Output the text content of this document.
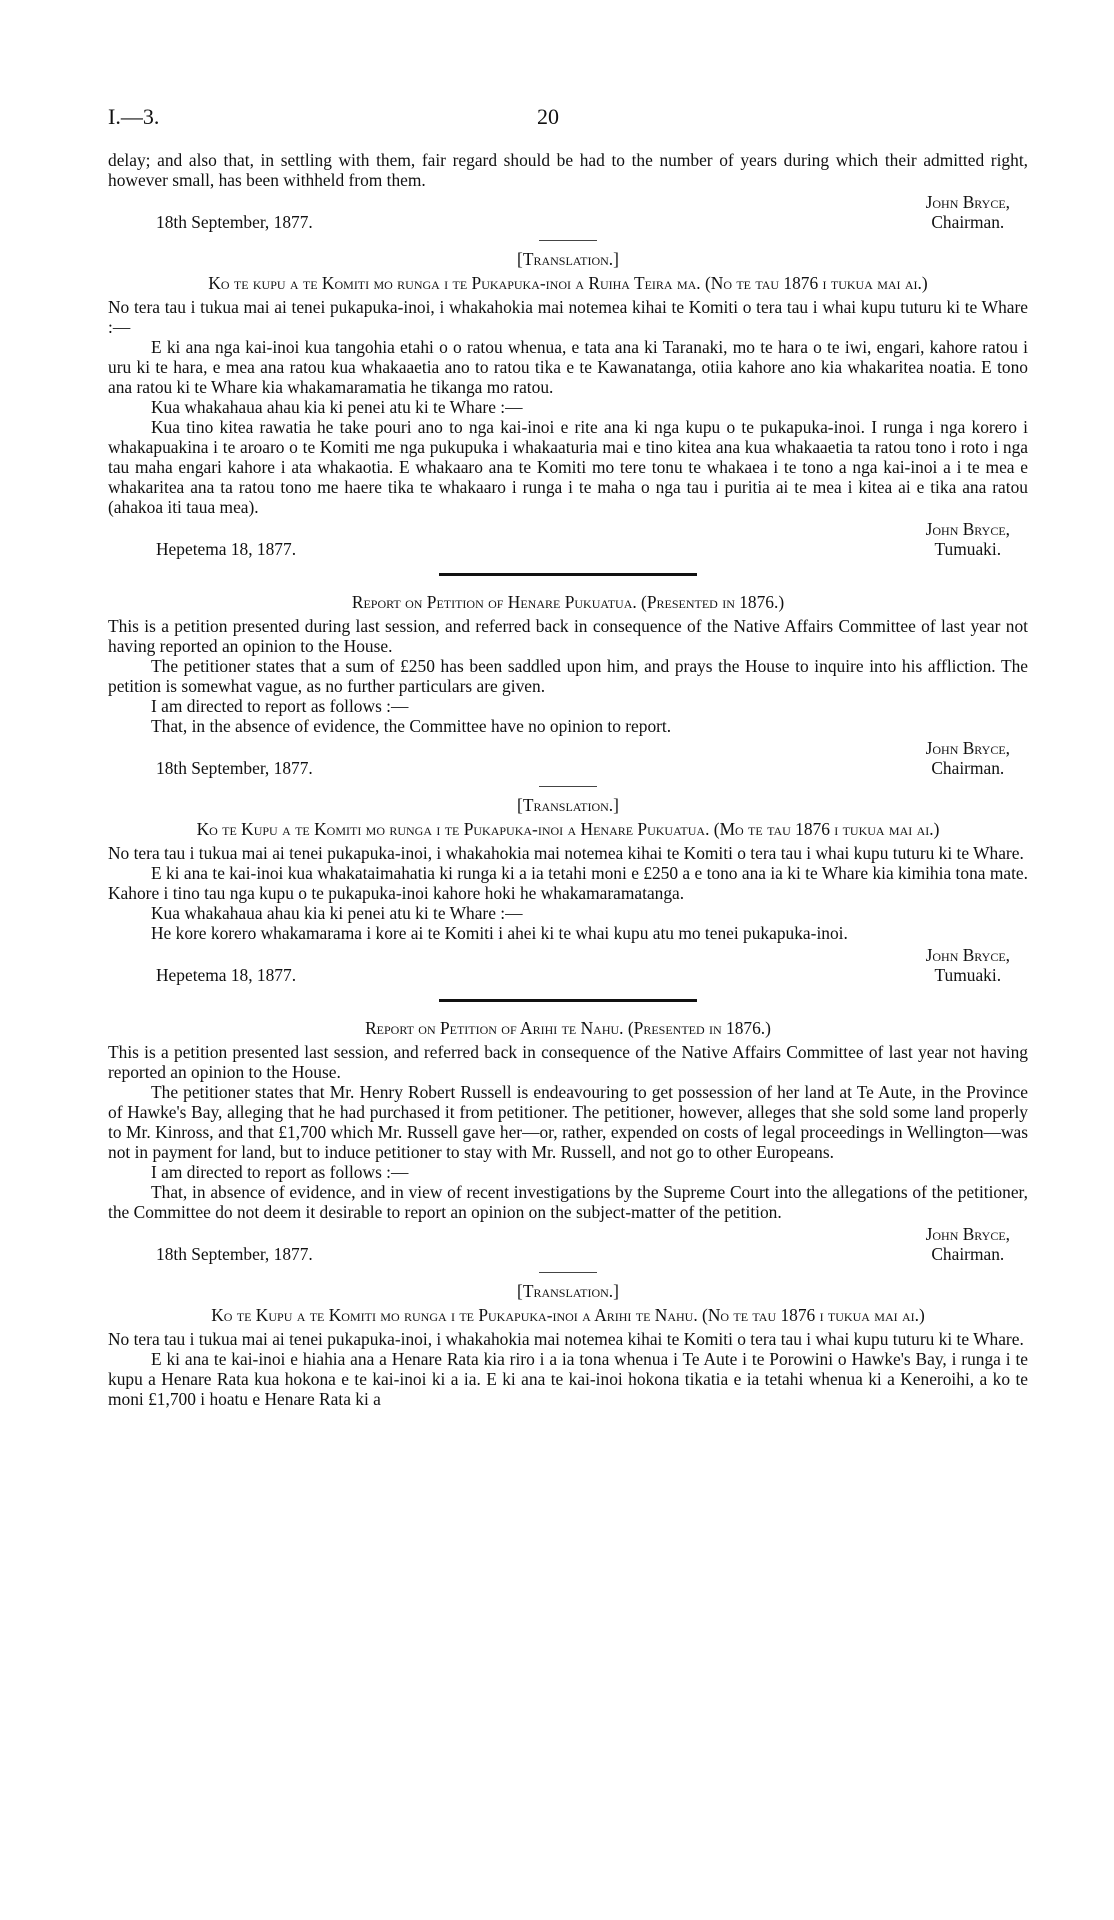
I.—3.	20

delay; and also that, in settling with them, fair regard should be had to the number of years during which their admitted right, however small, has been withheld from them.

18th September, 1877.
John Bryce,
Chairman.
[Translation.]

Ko te kupu a te Komiti mo runga i te Pukapuka-inoi a Ruiha Teira ma. (No te tau 1876 i tukua mai ai.)

No tera tau i tukua mai ai tenei pukapuka-inoi, i whakahokia mai notemea kihai te Komiti o tera tau i whai kupu tuturu ki te Whare :—

E ki ana nga kai-inoi kua tangohia etahi o o ratou whenua, e tata ana ki Taranaki, mo te hara o te iwi, engari, kahore ratou i uru ki te hara, e mea ana ratou kua whakaaetia ano to ratou tika e te Kawanatanga, otiia kahore ano kia whakaritea noatia. E tono ana ratou ki te Whare kia whakamaramatia he tikanga mo ratou.

Kua whakahaua ahau kia ki penei atu ki te Whare :—

Kua tino kitea rawatia he take pouri ano to nga kai-inoi e rite ana ki nga kupu o te pukapuka-inoi. I runga i nga korero i whakapuakina i te aroaro o te Komiti me nga pukupuka i whakaaturia mai e tino kitea ana kua whakaaetia ta ratou tono i roto i nga tau maha engari kahore i ata whakaotia. E whakaaro ana te Komiti mo tere tonu te whakaea i te tono a nga kai-inoi a i te mea e whakaritea ana ta ratou tono me haere tika te whakaaro i runga i te maha o nga tau i puritia ai te mea i kitea ai e tika ana ratou (ahakoa iti taua mea).

Hepetema 18, 1877.
John Bryce,
Tumuaki.

Report on Petition of Henare Pukuatua. (Presented in 1876.)

This is a petition presented during last session, and referred back in consequence of the Native Affairs Committee of last year not having reported an opinion to the House.

The petitioner states that a sum of £250 has been saddled upon him, and prays the House to inquire into his affliction. The petition is somewhat vague, as no further particulars are given.

I am directed to report as follows :—

That, in the absence of evidence, the Committee have no opinion to report.

18th September, 1877.
John Bryce,
Chairman.
[Translation.]

Ko te Kupu a te Komiti mo runga i te Pukapuka-inoi a Henare Pukuatua. (Mo te tau 1876 i tukua mai ai.)

No tera tau i tukua mai ai tenei pukapuka-inoi, i whakahokia mai notemea kihai te Komiti o tera tau i whai kupu tuturu ki te Whare.

E ki ana te kai-inoi kua whakataimahatia ki runga ki a ia tetahi moni e £250 a e tono ana ia ki te Whare kia kimihia tona mate. Kahore i tino tau nga kupu o te pukapuka-inoi kahore hoki he whakamaramatanga.

Kua whakahaua ahau kia ki penei atu ki te Whare :—

He kore korero whakamarama i kore ai te Komiti i ahei ki te whai kupu atu mo tenei pukapuka-inoi.

Hepetema 18, 1877.
John Bryce,
Tumuaki.

Report on Petition of Arihi te Nahu. (Presented in 1876.)

This is a petition presented last session, and referred back in consequence of the Native Affairs Committee of last year not having reported an opinion to the House.

The petitioner states that Mr. Henry Robert Russell is endeavouring to get possession of her land at Te Aute, in the Province of Hawke's Bay, alleging that he had purchased it from petitioner. The petitioner, however, alleges that she sold some land properly to Mr. Kinross, and that £1,700 which Mr. Russell gave her—or, rather, expended on costs of legal proceedings in Wellington—was not in payment for land, but to induce petitioner to stay with Mr. Russell, and not go to other Europeans.

I am directed to report as follows :—

That, in absence of evidence, and in view of recent investigations by the Supreme Court into the allegations of the petitioner, the Committee do not deem it desirable to report an opinion on the subject-matter of the petition.

18th September, 1877.
John Bryce,
Chairman.
[Translation.]

Ko te Kupu a te Komiti mo runga i te Pukapuka-inoi a Arihi te Nahu. (No te tau 1876 i tukua mai ai.)

No tera tau i tukua mai ai tenei pukapuka-inoi, i whakahokia mai notemea kihai te Komiti o tera tau i whai kupu tuturu ki te Whare.

E ki ana te kai-inoi e hiahia ana a Henare Rata kia riro i a ia tona whenua i Te Aute i te Porowini o Hawke's Bay, i runga i te kupu a Henare Rata kua hokona e te kai-inoi ki a ia. E ki ana te kai-inoi hokona tikatia e ia tetahi whenua ki a Keneroihi, a ko te moni £1,700 i hoatu e Henare Rata ki a
